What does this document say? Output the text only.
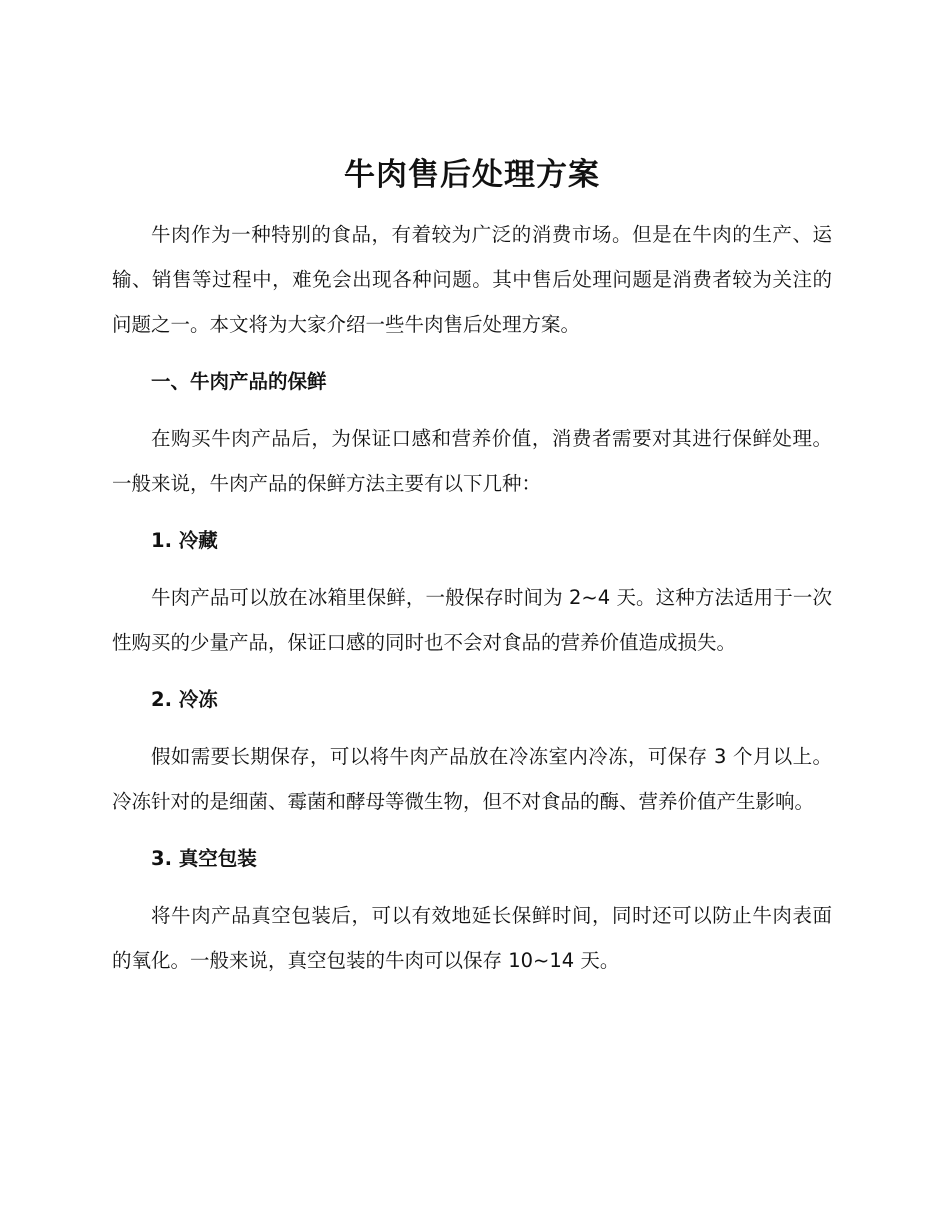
牛肉售后处理方案

牛肉作为一种特别的食品，有着较为广泛的消费市场。但是在牛肉的生产、运输、销售等过程中，难免会出现各种问题。其中售后处理问题是消费者较为关注的问题之一。本文将为大家介绍一些牛肉售后处理方案。

一、牛肉产品的保鲜

在购买牛肉产品后，为保证口感和营养价值，消费者需要对其进行保鲜处理。一般来说，牛肉产品的保鲜方法主要有以下几种：

1. 冷藏

牛肉产品可以放在冰箱里保鲜，一般保存时间为 2~4 天。这种方法适用于一次性购买的少量产品，保证口感的同时也不会对食品的营养价值造成损失。

2. 冷冻

假如需要长期保存，可以将牛肉产品放在冷冻室内冷冻，可保存 3 个月以上。冷冻针对的是细菌、霉菌和酵母等微生物，但不对食品的酶、营养价值产生影响。

3. 真空包装

将牛肉产品真空包装后，可以有效地延长保鲜时间，同时还可以防止牛肉表面的氧化。一般来说，真空包装的牛肉可以保存 10~14 天。
